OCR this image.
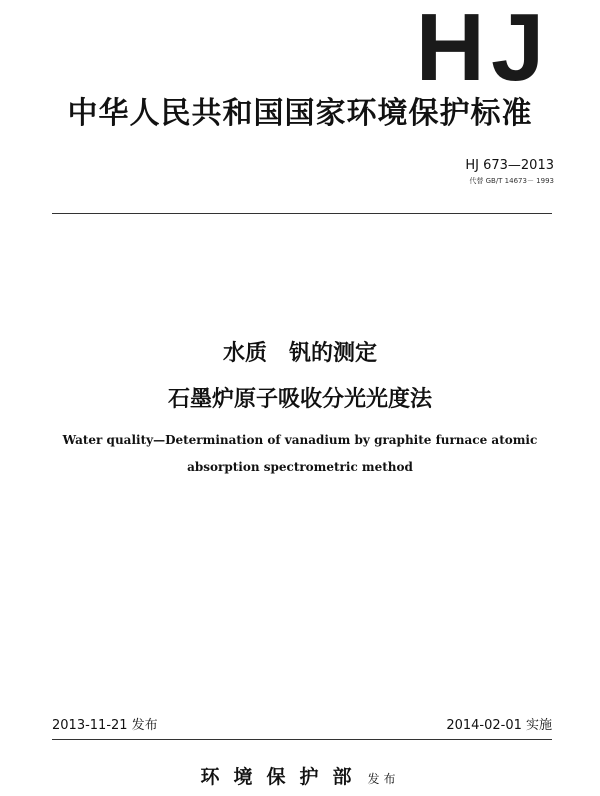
HJ
中华人民共和国国家环境保护标准
HJ 673—2013
代替 GB/T 14673－ 1993
水质　钒的测定
石墨炉原子吸收分光光度法
Water quality—Determination of vanadium by graphite furnace atomic
absorption spectrometric method
2013-11-21 发布	2014-02-01 实施
环境保护部 发布
